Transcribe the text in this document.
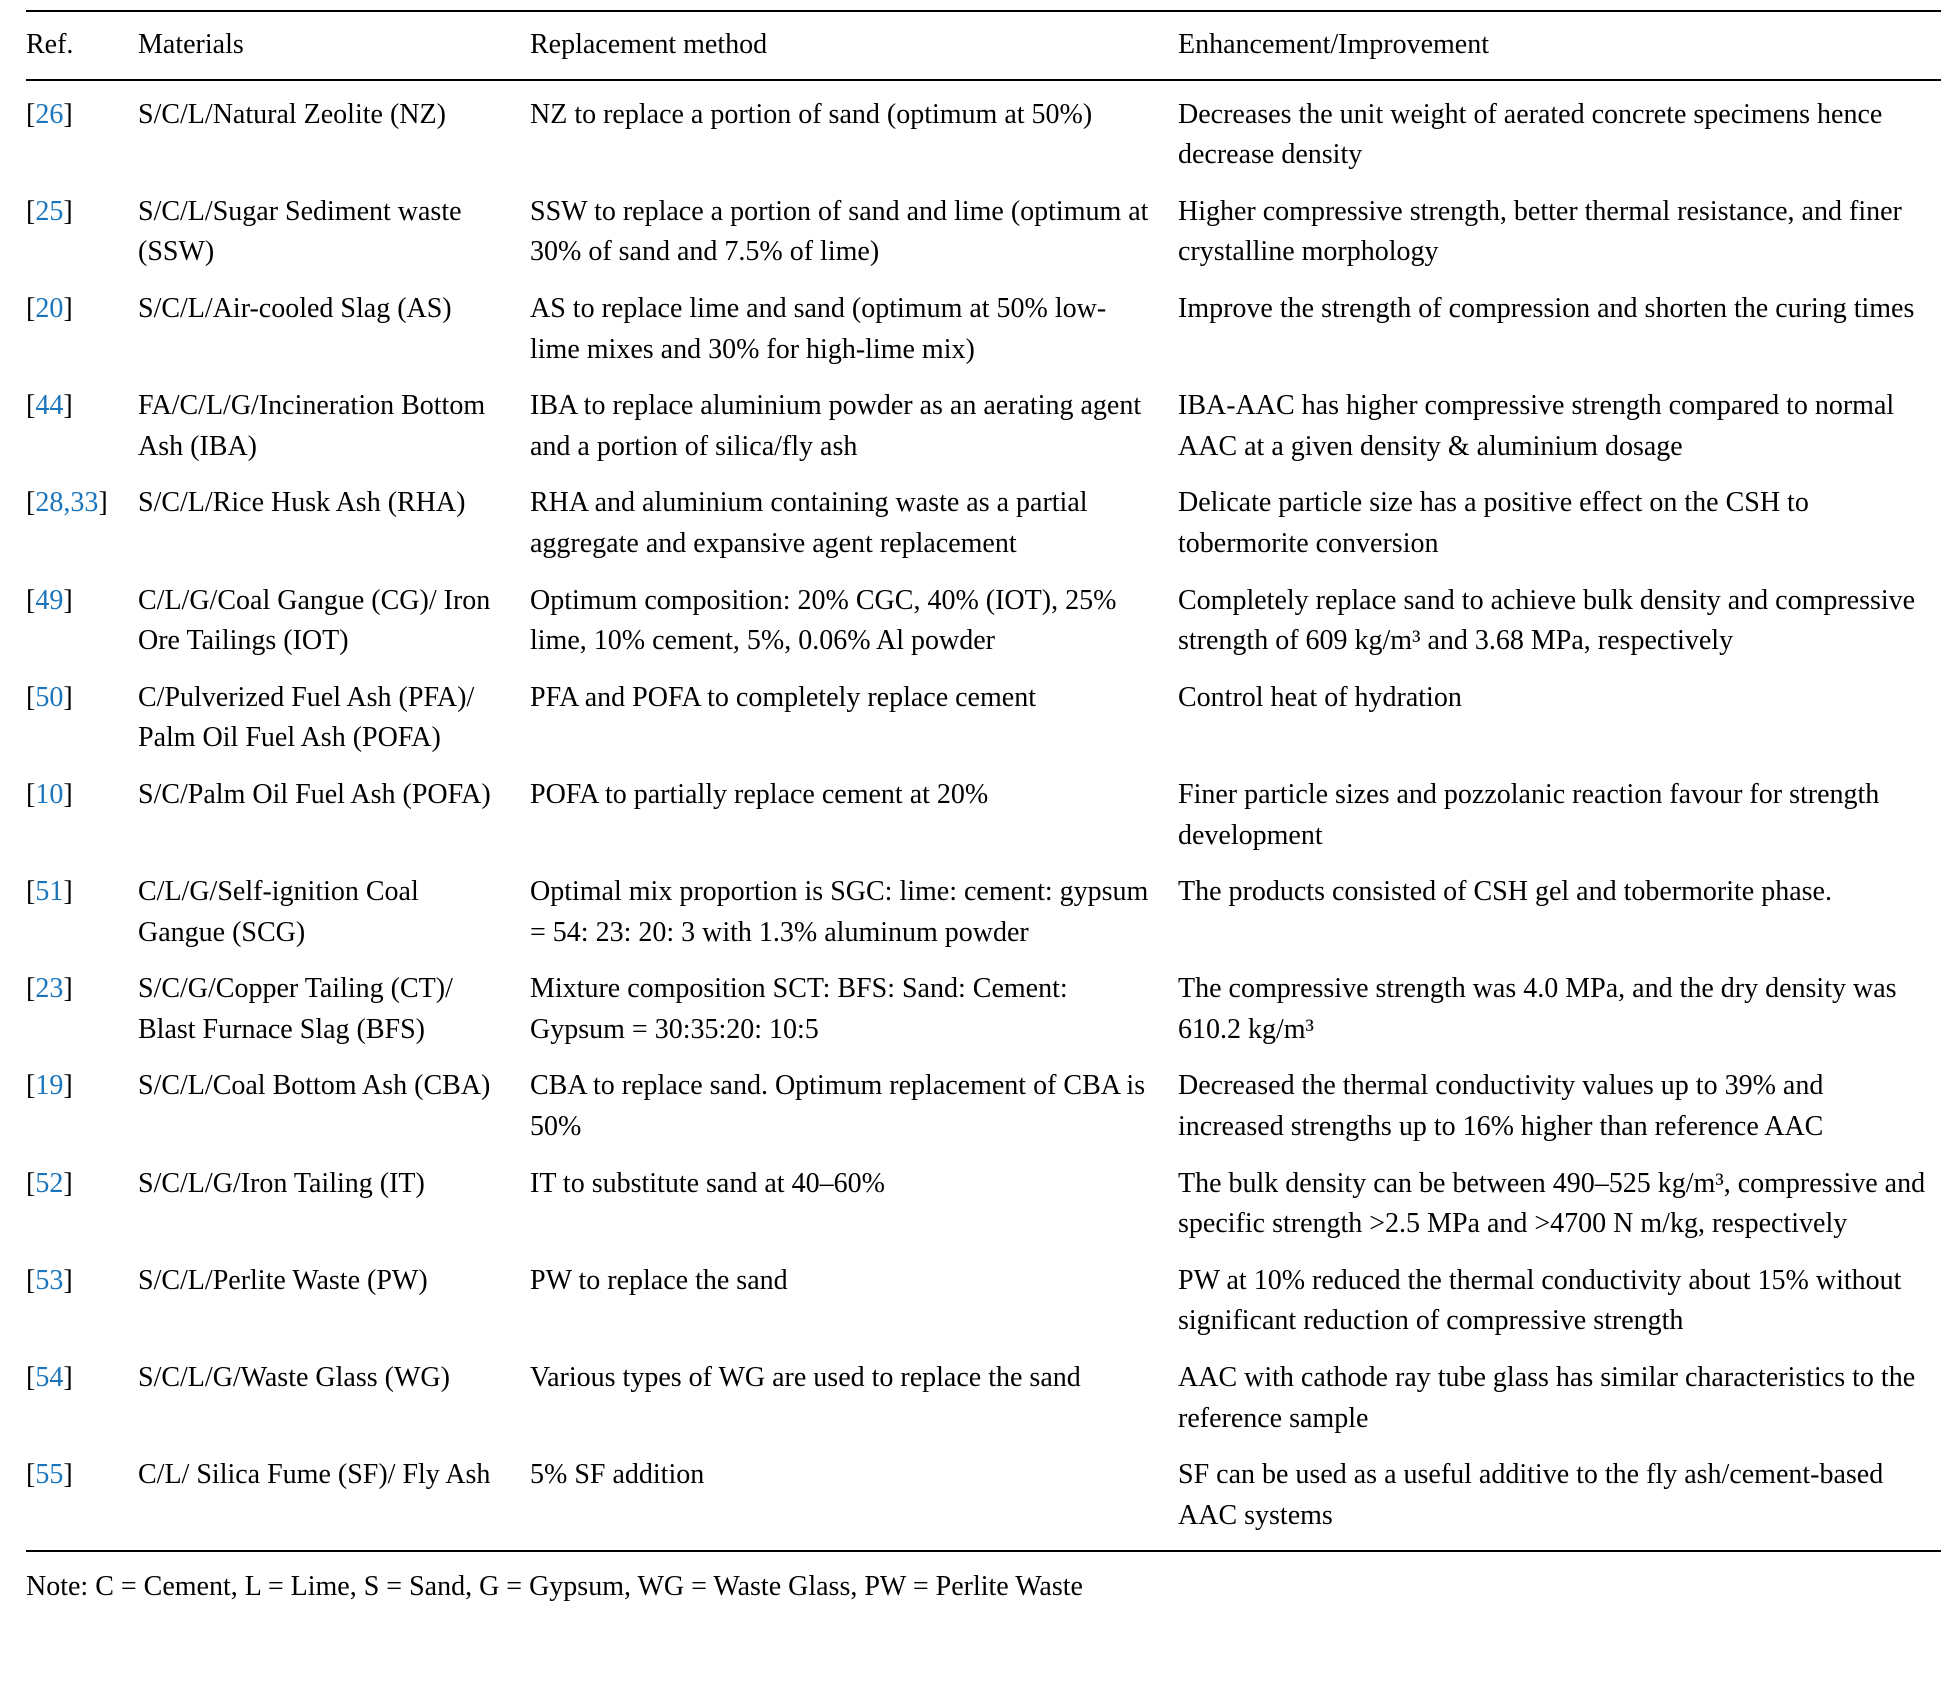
Ref.	Materials	Replacement method	Enhancement/Improvement
[26]	S/C/L/Natural Zeolite (NZ)	NZ to replace a portion of sand (optimum at 50%)	Decreases the unit weight of aerated concrete specimens hence decrease density
[25]	S/C/L/Sugar Sediment waste (SSW)	SSW to replace a portion of sand and lime (optimum at 30% of sand and 7.5% of lime)	Higher compressive strength, better thermal resistance, and finer crystalline morphology
[20]	S/C/L/Air-cooled Slag (AS)	AS to replace lime and sand (optimum at 50% low-lime mixes and 30% for high-lime mix)	Improve the strength of compression and shorten the curing times
[44]	FA/C/L/G/Incineration Bottom Ash (IBA)	IBA to replace aluminium powder as an aerating agent and a portion of silica/fly ash	IBA-AAC has higher compressive strength compared to normal AAC at a given density & aluminium dosage
[28,33]	S/C/L/Rice Husk Ash (RHA)	RHA and aluminium containing waste as a partial aggregate and expansive agent replacement	Delicate particle size has a positive effect on the CSH to tobermorite conversion
[49]	C/L/G/Coal Gangue (CG)/ Iron Ore Tailings (IOT)	Optimum composition: 20% CGC, 40% (IOT), 25% lime, 10% cement, 5%, 0.06% Al powder	Completely replace sand to achieve bulk density and compressive strength of 609 kg/m³ and 3.68 MPa, respectively
[50]	C/Pulverized Fuel Ash (PFA)/ Palm Oil Fuel Ash (POFA)	PFA and POFA to completely replace cement	Control heat of hydration
[10]	S/C/Palm Oil Fuel Ash (POFA)	POFA to partially replace cement at 20%	Finer particle sizes and pozzolanic reaction favour for strength development
[51]	C/L/G/Self-ignition Coal Gangue (SCG)	Optimal mix proportion is SGC: lime: cement: gypsum = 54: 23: 20: 3 with 1.3% aluminum powder	The products consisted of CSH gel and tobermorite phase.
[23]	S/C/G/Copper Tailing (CT)/ Blast Furnace Slag (BFS)	Mixture composition SCT: BFS: Sand: Cement: Gypsum = 30:35:20: 10:5	The compressive strength was 4.0 MPa, and the dry density was 610.2 kg/m³
[19]	S/C/L/Coal Bottom Ash (CBA)	CBA to replace sand. Optimum replacement of CBA is 50%	Decreased the thermal conductivity values up to 39% and increased strengths up to 16% higher than reference AAC
[52]	S/C/L/G/Iron Tailing (IT)	IT to substitute sand at 40–60%	The bulk density can be between 490–525 kg/m³, compressive and specific strength >2.5 MPa and >4700 N m/kg, respectively
[53]	S/C/L/Perlite Waste (PW)	PW to replace the sand	PW at 10% reduced the thermal conductivity about 15% without significant reduction of compressive strength
[54]	S/C/L/G/Waste Glass (WG)	Various types of WG are used to replace the sand	AAC with cathode ray tube glass has similar characteristics to the reference sample
[55]	C/L/ Silica Fume (SF)/ Fly Ash	5% SF addition	SF can be used as a useful additive to the fly ash/cement-based AAC systems
Note: C = Cement, L = Lime, S = Sand, G = Gypsum, WG = Waste Glass, PW = Perlite Waste
